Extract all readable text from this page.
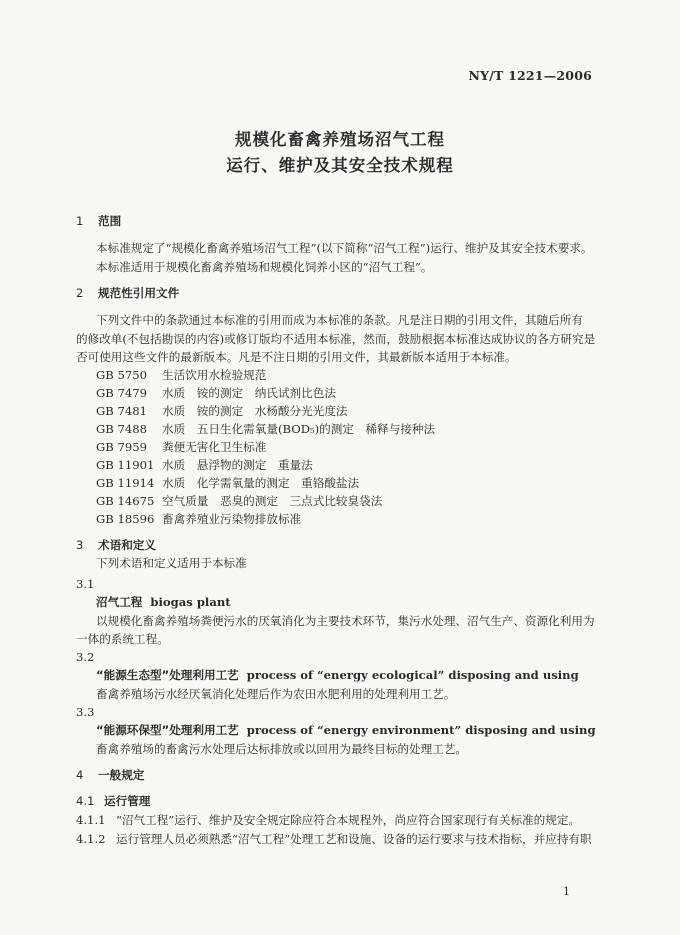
NY/T 1221—2006
规模化畜禽养殖场沼气工程
运行、维护及其安全技术规程
1 范围
本标准规定了“规模化畜禽养殖场沼气工程”(以下简称“沼气工程”)运行、维护及其安全技术要求。
本标准适用于规模化畜禽养殖场和规模化饲养小区的“沼气工程”。
2 规范性引用文件
下列文件中的条款通过本标准的引用而成为本标准的条款。凡是注日期的引用文件，其随后所有
的修改单(不包括勘误的内容)或修订版均不适用本标准，然而，鼓励根据本标准达成协议的各方研究是
否可使用这些文件的最新版本。凡是不注日期的引用文件，其最新版本适用于本标准。
GB 5750 生活饮用水检验规范
GB 7479 水质　铵的测定　纳氏试剂比色法
GB 7481 水质　铵的测定　水杨酸分光光度法
GB 7488 水质　五日生化需氧量(BOD₅)的测定　稀释与接种法
GB 7959 粪便无害化卫生标准
GB 11901 水质　悬浮物的测定　重量法
GB 11914 水质　化学需氧量的测定　重铬酸盐法
GB 14675 空气质量　恶臭的测定　三点式比较臭袋法
GB 18596 畜禽养殖业污染物排放标准
3 术语和定义
下列术语和定义适用于本标准
3.1
沼气工程 biogas plant
以规模化畜禽养殖场粪便污水的厌氧消化为主要技术环节，集污水处理、沼气生产、资源化利用为
一体的系统工程。
3.2
“能源生态型”处理利用工艺 process of “energy ecological” disposing and using
畜禽养殖场污水经厌氧消化处理后作为农田水肥利用的处理利用工艺。
3.3
“能源环保型”处理利用工艺 process of “energy environment” disposing and using
畜禽养殖场的畜禽污水处理后达标排放或以回用为最终目标的处理工艺。
4 一般规定
4.1 运行管理
4.1.1 “沼气工程”运行、维护及安全规定除应符合本规程外，尚应符合国家现行有关标准的规定。
4.1.2 运行管理人员必须熟悉“沼气工程”处理工艺和设施、设备的运行要求与技术指标，并应持有职
1
